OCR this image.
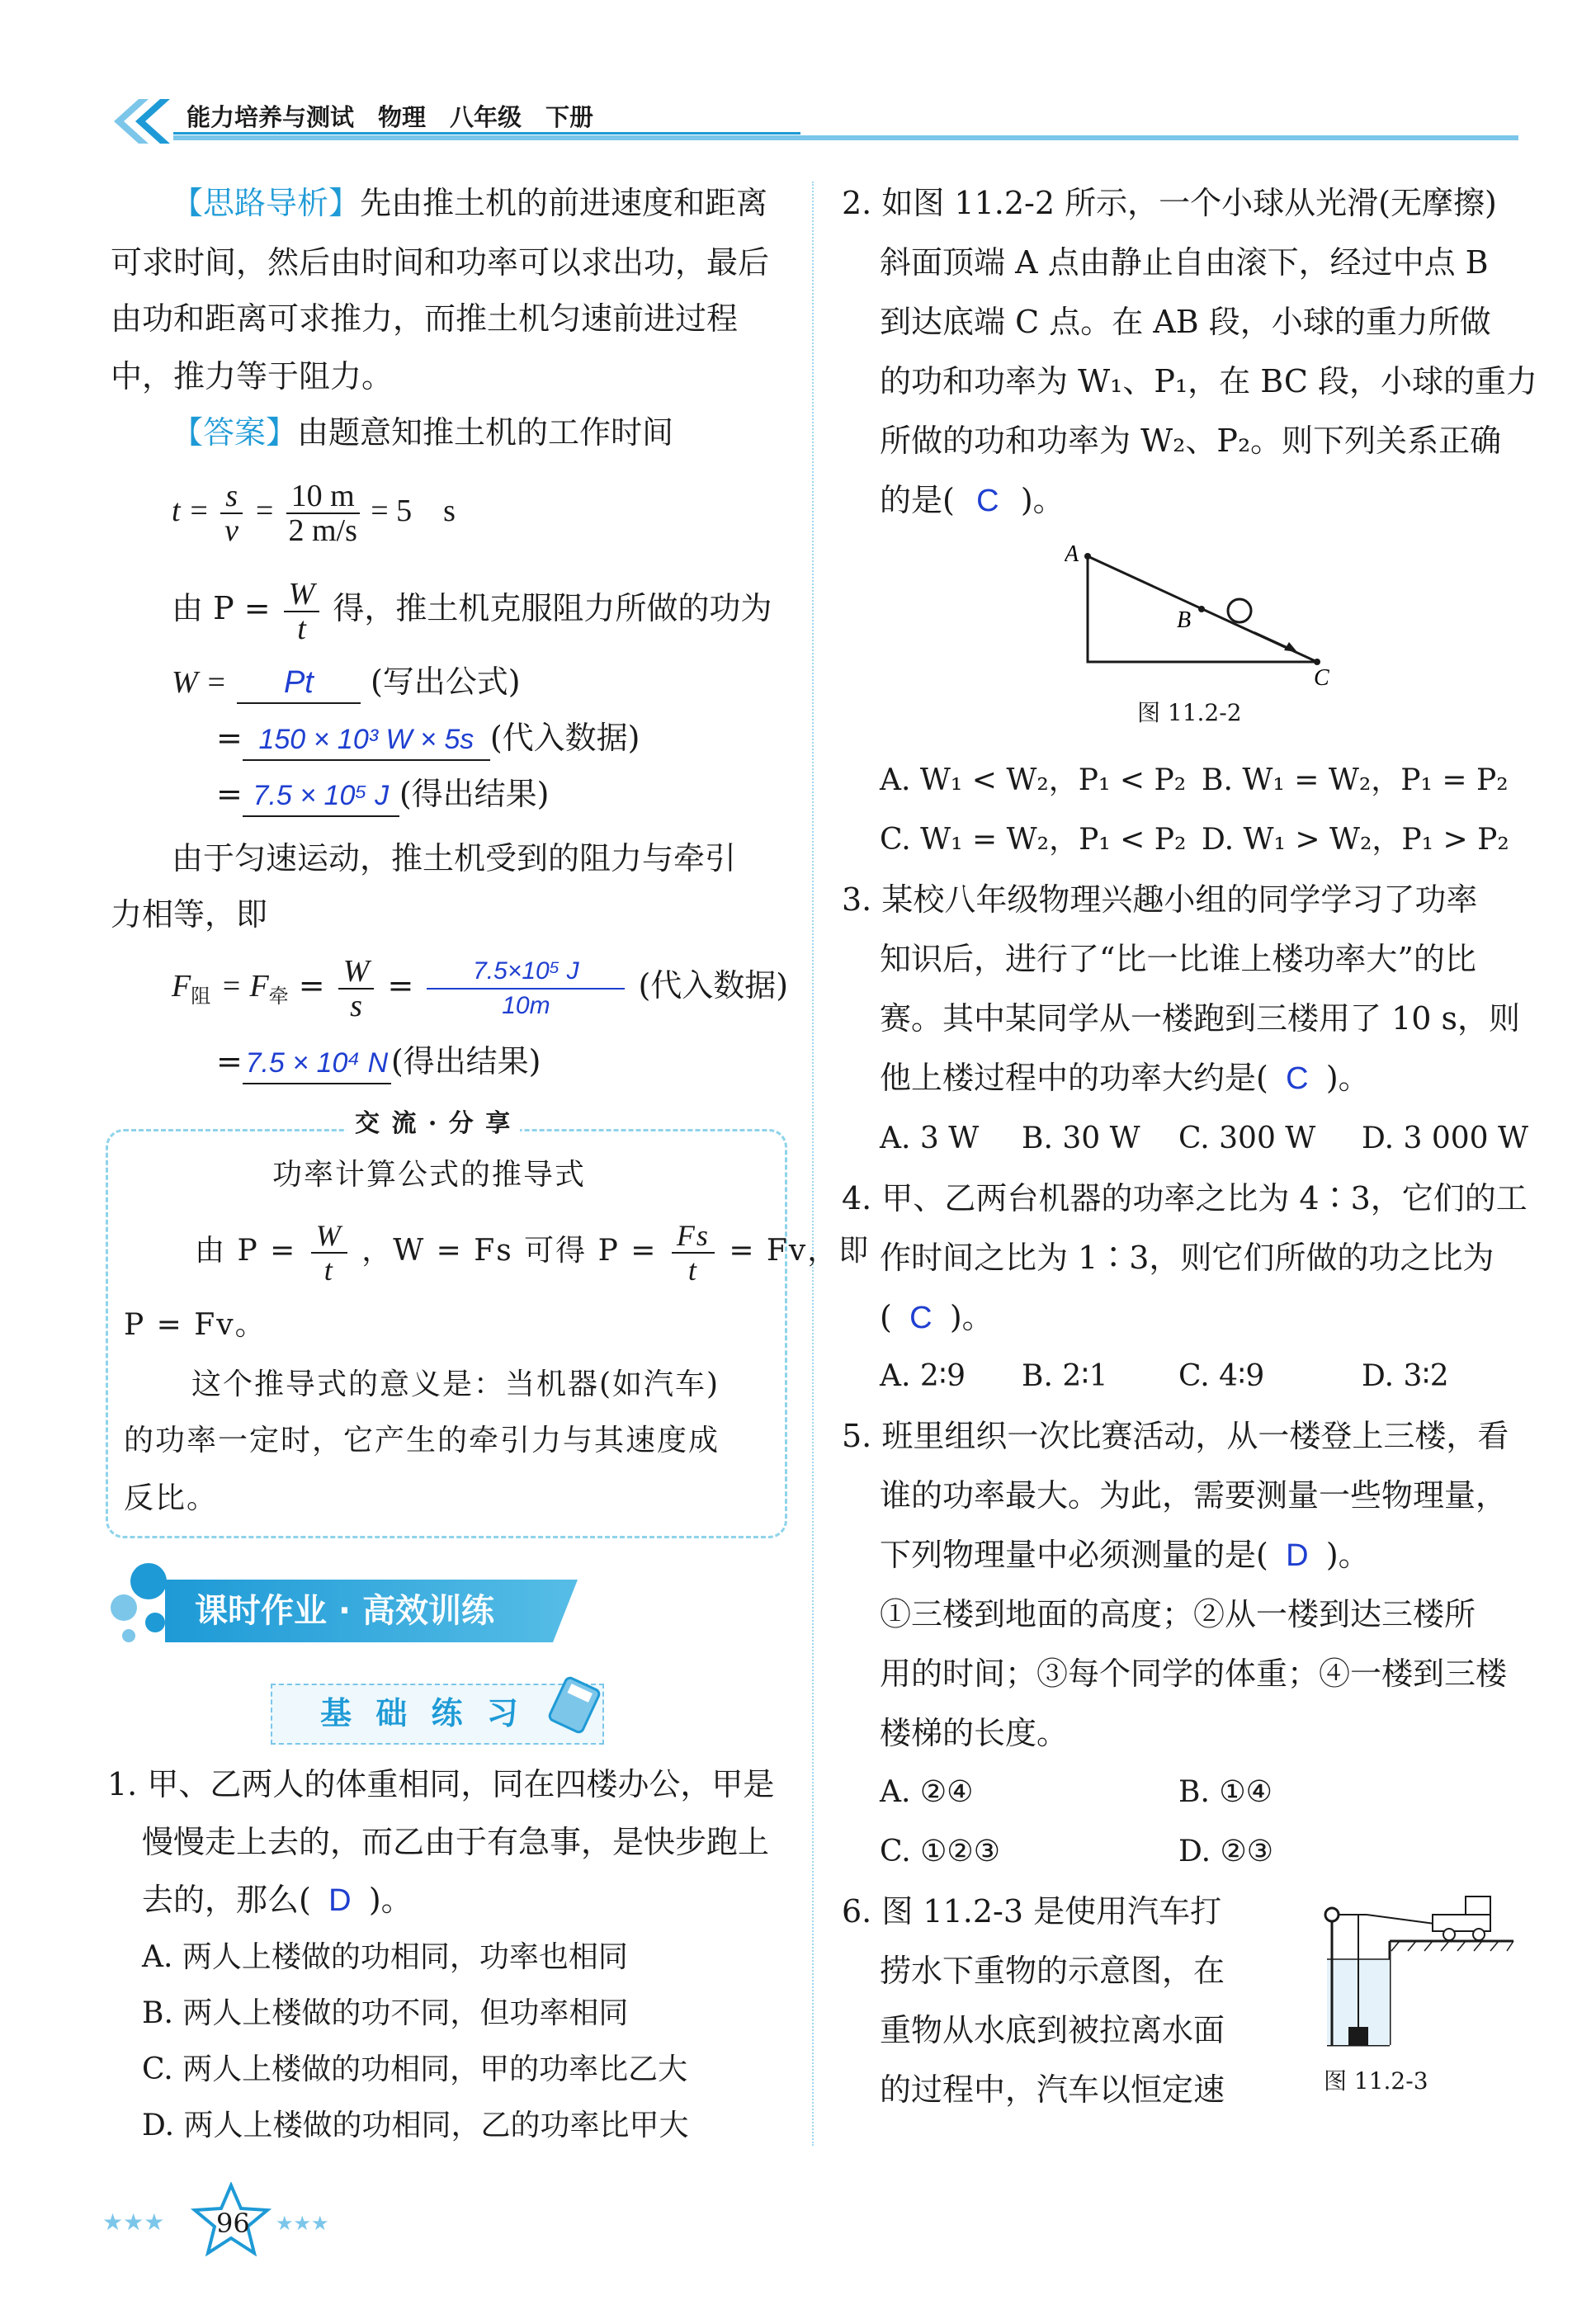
能力培养与测试　物理　八年级　下册
【思路导析】先由推土机的前进速度和距离
可求时间，然后由时间和功率可以求出功，最后
由功和距离可求推力，而推土机匀速前进过程
中，推力等于阻力。
【答案】由题意知推土机的工作时间
$t = \frac{s}{v} = \frac{10 m}{2 m/s} = 5$　s
由 $P = \frac{W}{t}$ 得，推土机克服阻力所做的功为
W = Pt (写出公式)
= 150 × 10³ W × 5s (代入数据)
= 7.5 × 10⁵ J (得出结果)
由于匀速运动，推土机受到的阻力与牵引
力相等，即
$F_阻 = F_牵 = \frac{W}{s} = \frac{\text{7.5×10⁵ J}}{10m}$ (代入数据)
= 7.5 × 10⁴ N(得出结果)
交 流 · 分 享
功率计算公式的推导式
由 $P = \frac{W}{t}$ ，W = Fs 可得 $P = \frac{Fs}{t} = Fv$，即
P = Fv。
这个推导式的意义是：当机器(如汽车)
的功率一定时，它产生的牵引力与其速度成
反比。
课时作业 · 高效训练
基 础 练 习
1. 甲、乙两人的体重相同，同在四楼办公，甲是
慢慢走上去的，而乙由于有急事，是快步跑上
去的，那么( D )。
A. 两人上楼做的功相同，功率也相同
B. 两人上楼做的功不同，但功率相同
C. 两人上楼做的功相同，甲的功率比乙大
D. 两人上楼做的功相同，乙的功率比甲大
★★★	★★★
96
2. 如图 11.2-2 所示，一个小球从光滑(无摩擦)
斜面顶端 A 点由静止自由滚下，经过中点 B
到达底端 C 点。在 AB 段，小球的重力所做
的功和功率为 W₁、P₁，在 BC 段，小球的重力
所做的功和功率为 W₂、P₂。则下列关系正确
的是( C )。
A
B
C
图 11.2-2
A. W₁ < W₂，P₁ < P₂ B. W₁ = W₂，P₁ = P₂
C. W₁ = W₂，P₁ < P₂ D. W₁ > W₂，P₁ > P₂
3. 某校八年级物理兴趣小组的同学学习了功率
知识后，进行了“比一比谁上楼功率大”的比
赛。其中某同学从一楼跑到三楼用了 10 s，则
他上楼过程中的功率大约是( C )。
A. 3 W B. 30 W C. 300 W D. 3 000 W
4. 甲、乙两台机器的功率之比为 4∶3，它们的工
作时间之比为 1∶3，则它们所做的功之比为
( C )。
A. 2∶9 B. 2∶1 C. 4∶9	D. 3∶2
5. 班里组织一次比赛活动，从一楼登上三楼，看
谁的功率最大。为此，需要测量一些物理量，
下列物理量中必须测量的是( D )。
①三楼到地面的高度；②从一楼到达三楼所
用的时间；③每个同学的体重；④一楼到三楼
楼梯的长度。
A. ②④	B. ①④
C. ①②③	D. ②③
6. 图 11.2-3 是使用汽车打
捞水下重物的示意图，在
重物从水底到被拉离水面
的过程中，汽车以恒定速	图 11.2-3
